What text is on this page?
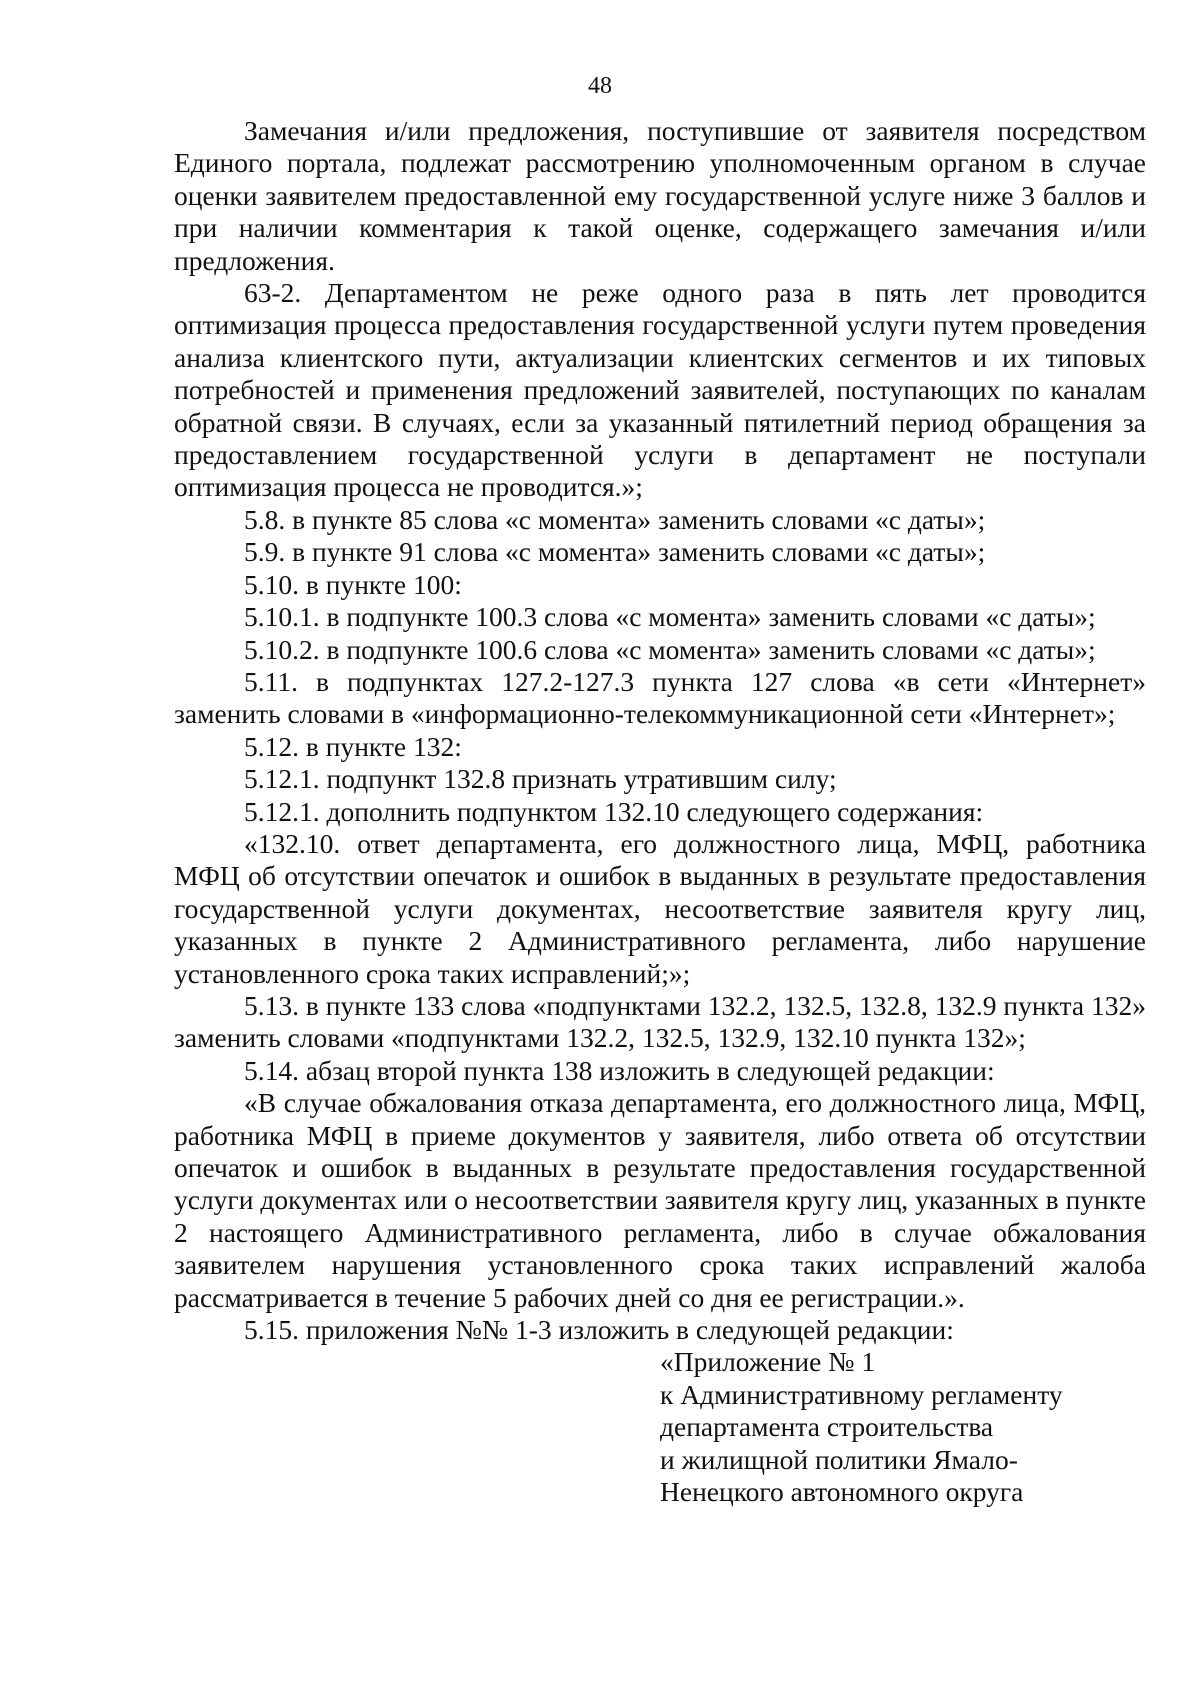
48

Замечания и/или предложения, поступившие от заявителя посредством Единого портала, подлежат рассмотрению уполномоченным органом в случае оценки заявителем предоставленной ему государственной услуге ниже 3 баллов и при наличии комментария к такой оценке, содержащего замечания и/или предложения.

63-2. Департаментом не реже одного раза в пять лет проводится оптимизация процесса предоставления государственной услуги путем проведения анализа клиентского пути, актуализации клиентских сегментов и их типовых потребностей и применения предложений заявителей, поступающих по каналам обратной связи. В случаях, если за указанный пятилетний период обращения за предоставлением государственной услуги в департамент не поступали оптимизация процесса не проводится.»;

5.8. в пункте 85 слова «с момента» заменить словами «с даты»;

5.9. в пункте 91 слова «с момента» заменить словами «с даты»;

5.10. в пункте 100:

5.10.1. в подпункте 100.3 слова «с момента» заменить словами «с даты»;

5.10.2. в подпункте 100.6 слова «с момента» заменить словами «с даты»;

5.11. в подпунктах 127.2-127.3 пункта 127 слова «в сети «Интернет» заменить словами в «информационно-телекоммуникационной сети «Интернет»;

5.12. в пункте 132:

5.12.1. подпункт 132.8 признать утратившим силу;

5.12.1. дополнить подпунктом 132.10 следующего содержания:

«132.10. ответ департамента, его должностного лица, МФЦ, работника МФЦ об отсутствии опечаток и ошибок в выданных в результате предоставления государственной услуги документах, несоответствие заявителя кругу лиц, указанных в пункте 2 Административного регламента, либо нарушение установленного срока таких исправлений;»;

5.13. в пункте 133 слова «подпунктами 132.2, 132.5, 132.8, 132.9 пункта 132» заменить словами «подпунктами 132.2, 132.5, 132.9, 132.10 пункта 132»;

5.14. абзац второй пункта 138 изложить в следующей редакции:

«В случае обжалования отказа департамента, его должностного лица, МФЦ, работника МФЦ в приеме документов у заявителя, либо ответа об отсутствии опечаток и ошибок в выданных в результате предоставления государственной услуги документах или о несоответствии заявителя кругу лиц, указанных в пункте 2 настоящего Административного регламента, либо в случае обжалования заявителем нарушения установленного срока таких исправлений жалоба рассматривается в течение 5 рабочих дней со дня ее регистрации.».

5.15. приложения №№ 1-3 изложить в следующей редакции:

«Приложение № 1

к Административному регламенту

департамента строительства

и жилищной политики Ямало-

Ненецкого автономного округа
